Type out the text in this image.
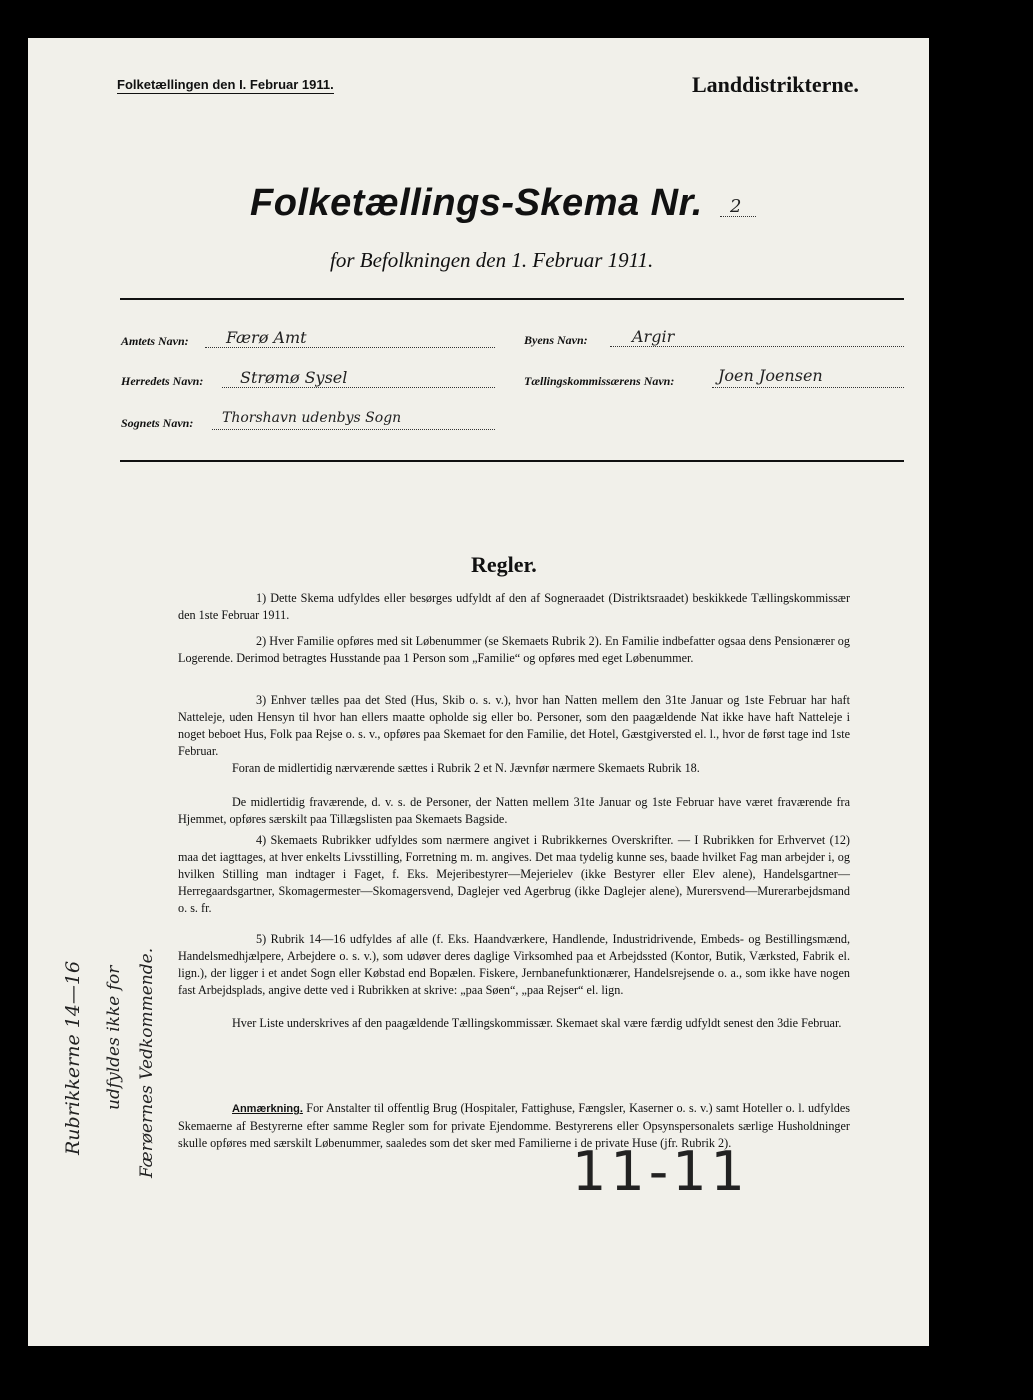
Folketællingen den I. Februar 1911.	Landdistrikterne.
Folketællings-Skema Nr. 2
for Befolkningen den 1. Februar 1911.
Amtets Navn: Færø Amt
Herredets Navn: Strømø Sysel
Sognets Navn: Thorshavn udenbys Sogn
Byens Navn:	Argir
Tællingskommissærens Navn:	Joen Joensen
Regler.

1) Dette Skema udfyldes eller besørges udfyldt af den af Sogneraadet (Distriktsraadet) beskikkede Tællingskommissær den 1ste Februar 1911.

2) Hver Familie opføres med sit Løbenummer (se Skemaets Rubrik 2). En Familie indbefatter ogsaa dens Pensionærer og Logerende. Derimod betragtes Husstande paa 1 Person som „Familie“ og opføres med eget Løbenummer.

3) Enhver tælles paa det Sted (Hus, Skib o. s. v.), hvor han Natten mellem den 31te Januar og 1ste Februar har haft Natteleje, uden Hensyn til hvor han ellers maatte opholde sig eller bo. Personer, som den paagældende Nat ikke have haft Natteleje i noget beboet Hus, Folk paa Rejse o. s. v., opføres paa Skemaet for den Familie, det Hotel, Gæstgiversted el. l., hvor de først tage ind 1ste Februar.

Foran de midlertidig nærværende sættes i Rubrik 2 et N. Jævnfør nærmere Skemaets Rubrik 18.

De midlertidig fraværende, d. v. s. de Personer, der Natten mellem 31te Januar og 1ste Februar have været fraværende fra Hjemmet, opføres særskilt paa Tillægslisten paa Skemaets Bagside.

4) Skemaets Rubrikker udfyldes som nærmere angivet i Rubrikkernes Overskrifter. — I Rubrikken for Erhvervet (12) maa det iagttages, at hver enkelts Livsstilling, Forretning m. m. angives. Det maa tydelig kunne ses, baade hvilket Fag man arbejder i, og hvilken Stilling man indtager i Faget, f. Eks. Mejeribestyrer—Mejerielev (ikke Bestyrer eller Elev alene), Handelsgartner—Herregaardsgartner, Skomagermester—Skomagersvend, Daglejer ved Agerbrug (ikke Daglejer alene), Murersvend—Murerarbejdsmand o. s. fr.

5) Rubrik 14—16 udfyldes af alle (f. Eks. Haandværkere, Handlende, Industridrivende, Embeds- og Bestillingsmænd, Handelsmedhjælpere, Arbejdere o. s. v.), som udøver deres daglige Virksomhed paa et Arbejdssted (Kontor, Butik, Værksted, Fabrik el. lign.), der ligger i et andet Sogn eller Købstad end Bopælen. Fiskere, Jernbanefunktionærer, Handelsrejsende o. a., som ikke have nogen fast Arbejdsplads, angive dette ved i Rubrikken at skrive: „paa Søen“, „paa Rejser“ el. lign.

Hver Liste underskrives af den paagældende Tællingskommissær. Skemaet skal være færdig udfyldt senest den 3die Februar.

Anmærkning. For Anstalter til offentlig Brug (Hospitaler, Fattighuse, Fængsler, Kaserner o. s. v.) samt Hoteller o. l. udfyldes Skemaerne af Bestyrerne efter samme Regler som for private Ejendomme. Bestyrerens eller Opsynspersonalets særlige Husholdninger skulle opføres med særskilt Løbenummer, saaledes som det sker med Familierne i de private Huse (jfr. Rubrik 2).

Rubrikkerne 14—16 udfyldes ikke for Færøernes Vedkommende.	11-11
